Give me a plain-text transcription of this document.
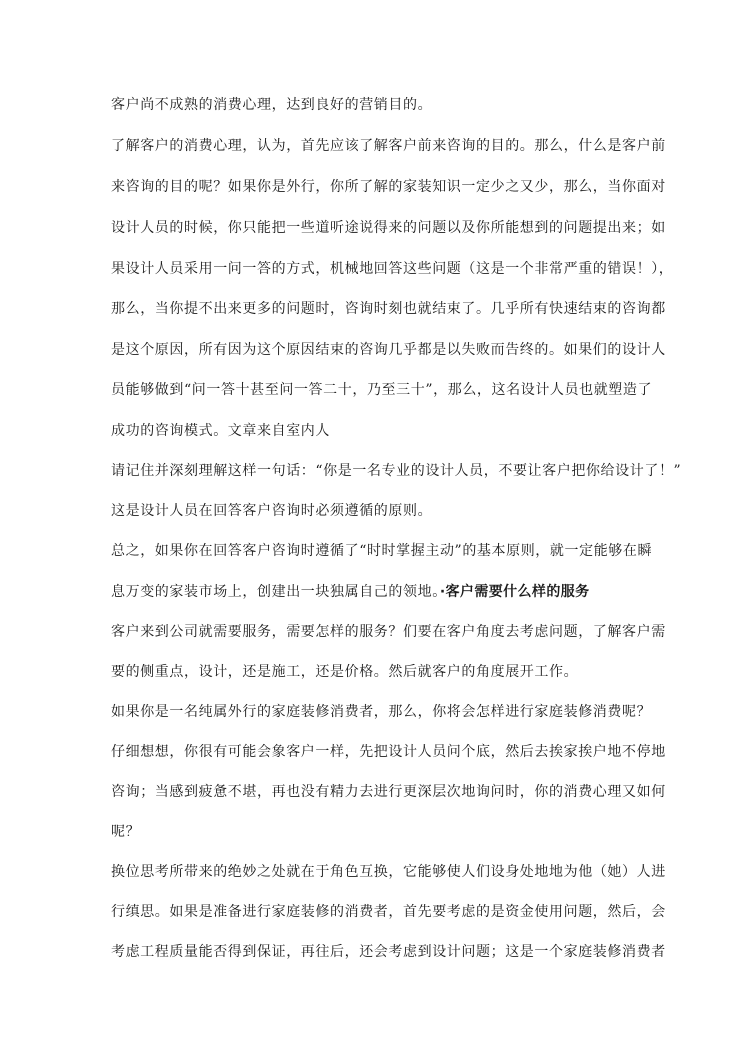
客户尚不成熟的消费心理，达到良好的营销目的。
了解客户的消费心理，认为，首先应该了解客户前来咨询的目的。那么，什么是客户前
来咨询的目的呢？如果你是外行，你所了解的家装知识一定少之又少，那么，当你面对
设计人员的时候，你只能把一些道听途说得来的问题以及你所能想到的问题提出来；如
果设计人员采用一问一答的方式，机械地回答这些问题（这是一个非常严重的错误！），
那么，当你提不出来更多的问题时，咨询时刻也就结束了。几乎所有快速结束的咨询都
是这个原因，所有因为这个原因结束的咨询几乎都是以失败而告终的。如果们的设计人
员能够做到“问一答十甚至问一答二十，乃至三十”，那么，这名设计人员也就塑造了
成功的咨询模式。文章来自室内人
请记住并深刻理解这样一句话：“你是一名专业的设计人员，不要让客户把你给设计了！”
这是设计人员在回答客户咨询时必须遵循的原则。
总之，如果你在回答客户咨询时遵循了“时时掌握主动”的基本原则，就一定能够在瞬
息万变的家装市场上，创建出一块独属自己的领地。·客户需要什么样的服务
客户来到公司就需要服务，需要怎样的服务？们要在客户角度去考虑问题，了解客户需
要的侧重点，设计，还是施工，还是价格。然后就客户的角度展开工作。
如果你是一名纯属外行的家庭装修消费者，那么，你将会怎样进行家庭装修消费呢？
仔细想想，你很有可能会象客户一样，先把设计人员问个底，然后去挨家挨户地不停地
咨询；当感到疲惫不堪，再也没有精力去进行更深层次地询问时，你的消费心理又如何
呢？
换位思考所带来的绝妙之处就在于角色互换，它能够使人们设身处地地为他（她）人进
行缜思。如果是准备进行家庭装修的消费者，首先要考虑的是资金使用问题，然后，会
考虑工程质量能否得到保证，再往后，还会考虑到设计问题；这是一个家庭装修消费者
